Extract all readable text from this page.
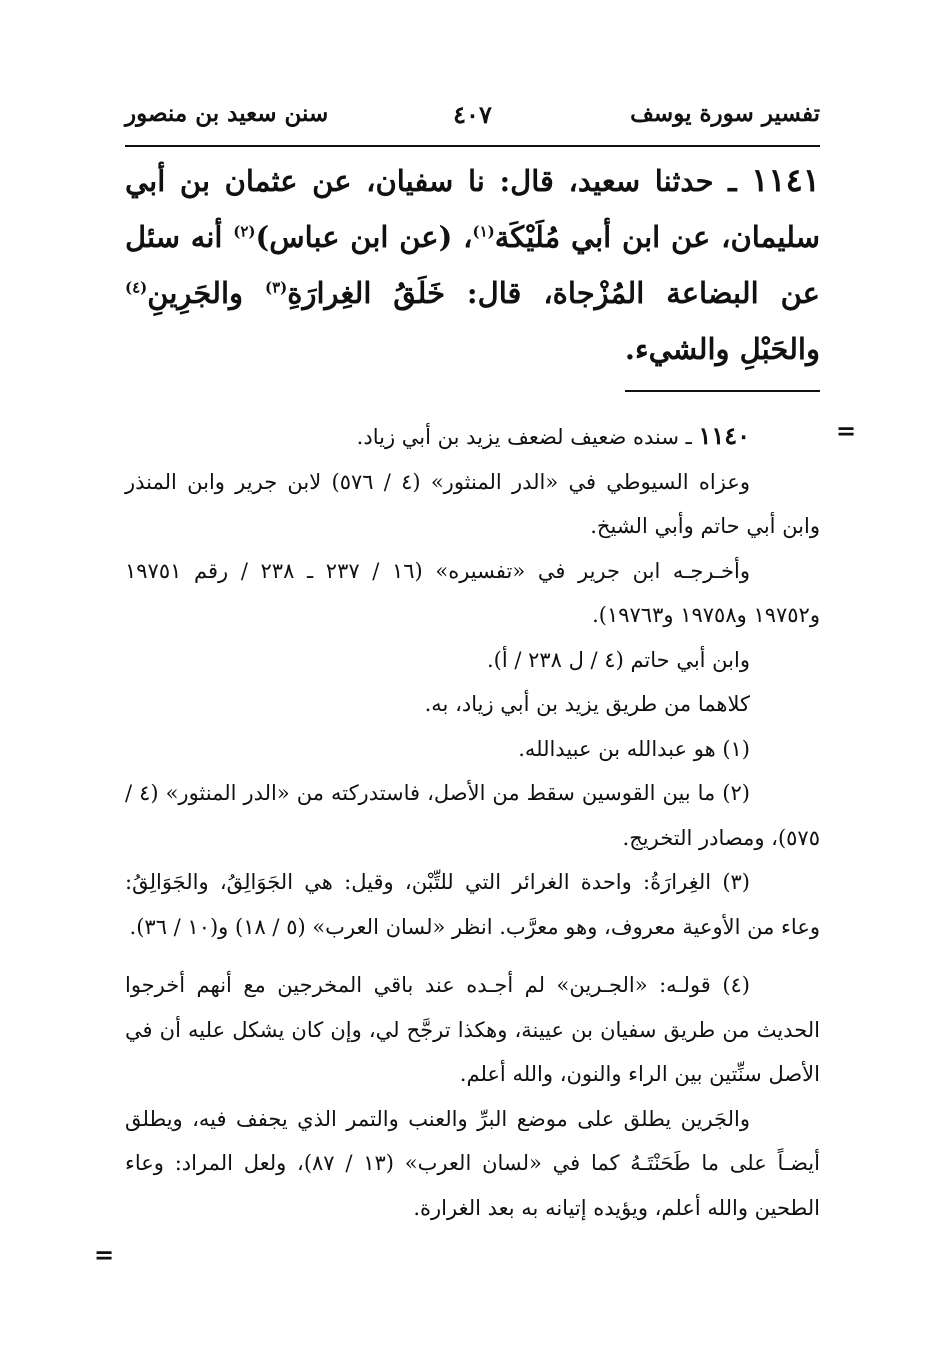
تفسير سورة يوسف
٤٠٧
سنن سعيد بن منصور
١١٤١ ـ حدثنا سعيد، قال: نا سفيان، عن عثمان بن أبي سليمان، عن ابن أبي مُلَيْكَة$^{(١)}$، (عن ابن عباس)$^{(٢)}$ أنه سئل عن البضاعة المُزْجاة، قال: خَلَقُ الغِرارَةِ$^{(٣)}$ والجَرِينِ$^{(٤)}$ والحَبْلِ والشيء.

١١٤٠ ـ سنده ضعيف لضعف يزيد بن أبي زياد.

وعزاه السيوطي في «الدر المنثور» (٤ / ٥٧٦) لابن جرير وابن المنذر وابن أبي حاتم وأبي الشيخ.

وأخـرجـه ابن جرير في «تفسيره» (١٦ / ٢٣٧ ـ ٢٣٨ / رقم ١٩٧٥١ و١٩٧٥٢ و١٩٧٥٨ و١٩٧٦٣).

وابن أبي حاتم (٤ / ل ٢٣٨ / أ).

كلاهما من طريق يزيد بن أبي زياد، به.

(١) هو عبدالله بن عبيدالله.

(٢) ما بين القوسين سقط من الأصل، فاستدركته من «الدر المنثور» (٤ / ٥٧٥)، ومصادر التخريج.

(٣) الغِرارَةُ: واحدة الغرائر التي للتِّبْن، وقيل: هي الجَوَالِقُ، والجَوَالِقُ: وعاء من الأوعية معروف، وهو معرَّب. انظر «لسان العرب» (٥ / ١٨) و(١٠ / ٣٦).

(٤) قولـه: «الجـرين» لم أجـده عند باقي المخرجين مع أنهم أخرجوا الحديث من طريق سفيان بن عيينة، وهكذا ترجَّح لي، وإن كان يشكل عليه أن في الأصل سنِّتين بين الراء والنون، والله أعلم.

والجَرين يطلق على موضع البرِّ والعنب والتمر الذي يجفف فيه، ويطلق أيضـاً على ما طَحَنْتَـهُ كما في «لسان العرب» (١٣ / ٨٧)، ولعل المراد: وعاء الطحين والله أعلم، ويؤيده إتيانه به بعد الغرارة.

=
=
